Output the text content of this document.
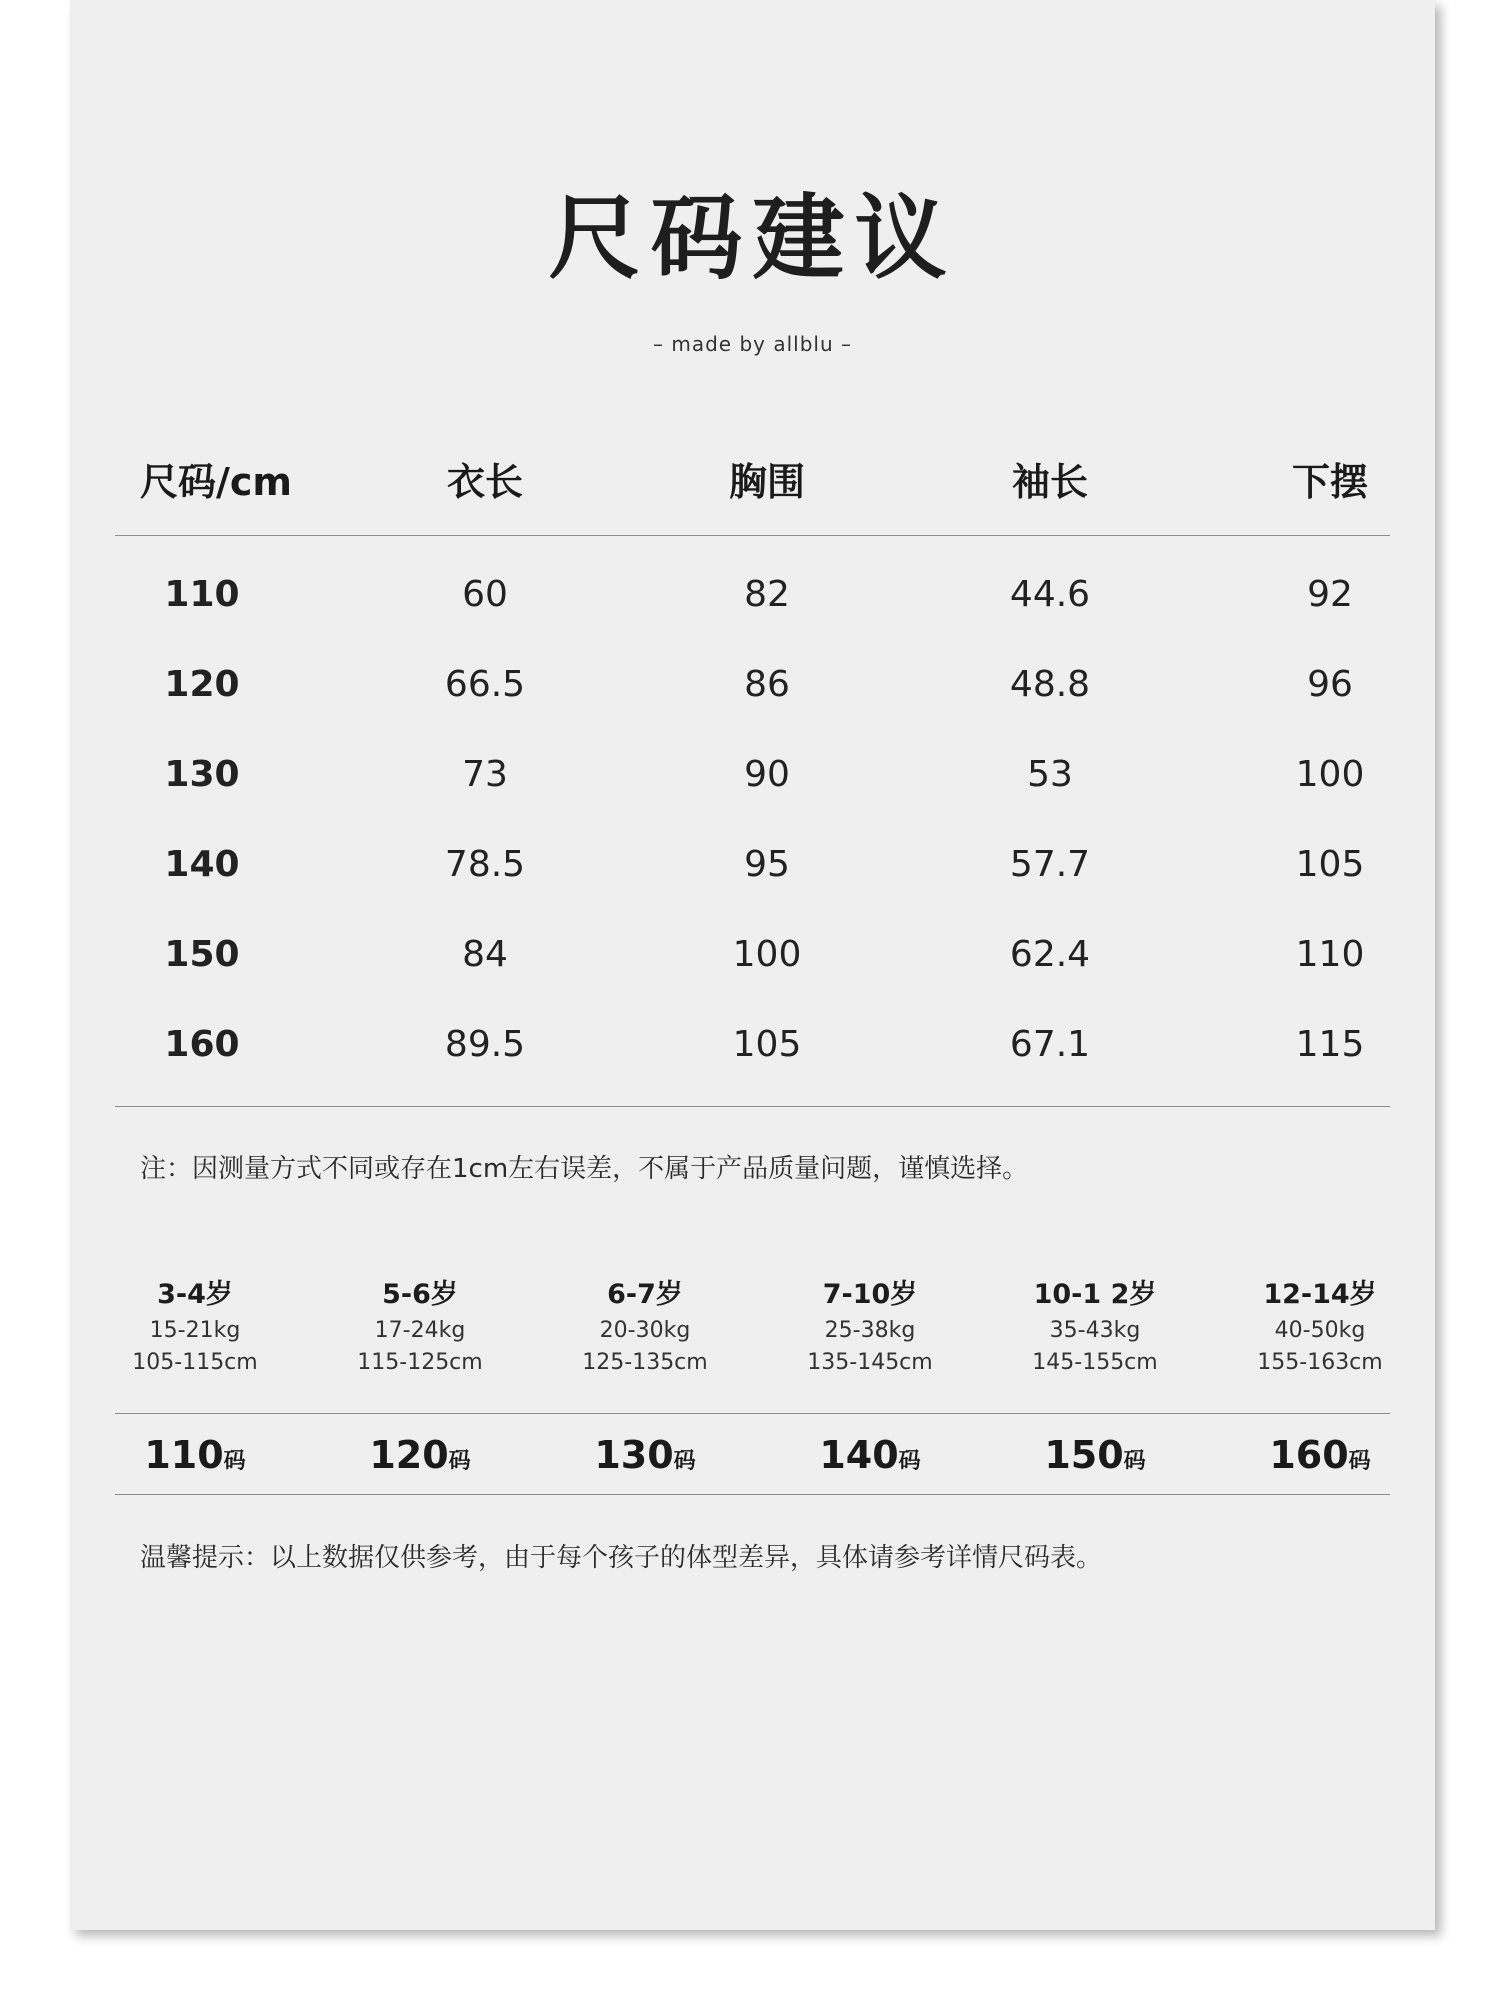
尺码建议
– made by allblu –
尺码/cm	衣长	胸围	袖长	下摆
110	60	82	44.6	92
120	66.5	86	48.8	96
130	73	90	53	100
140	78.5	95	57.7	105
150	84	100	62.4	110
160	89.5	105	67.1	115
注：因测量方式不同或存在1cm左右误差，不属于产品质量问题，谨慎选择。
3-4岁
15-21kg
105-115cm
5-6岁
17-24kg
115-125cm
6-7岁
20-30kg
125-135cm
7-10岁
25-38kg
135-145cm
10-1 2岁
35-43kg
145-155cm
12-14岁
40-50kg
155-163cm
110码	120码	130码	140码	150码	160码
温馨提示：以上数据仅供参考，由于每个孩子的体型差异，具体请参考详情尺码表。
